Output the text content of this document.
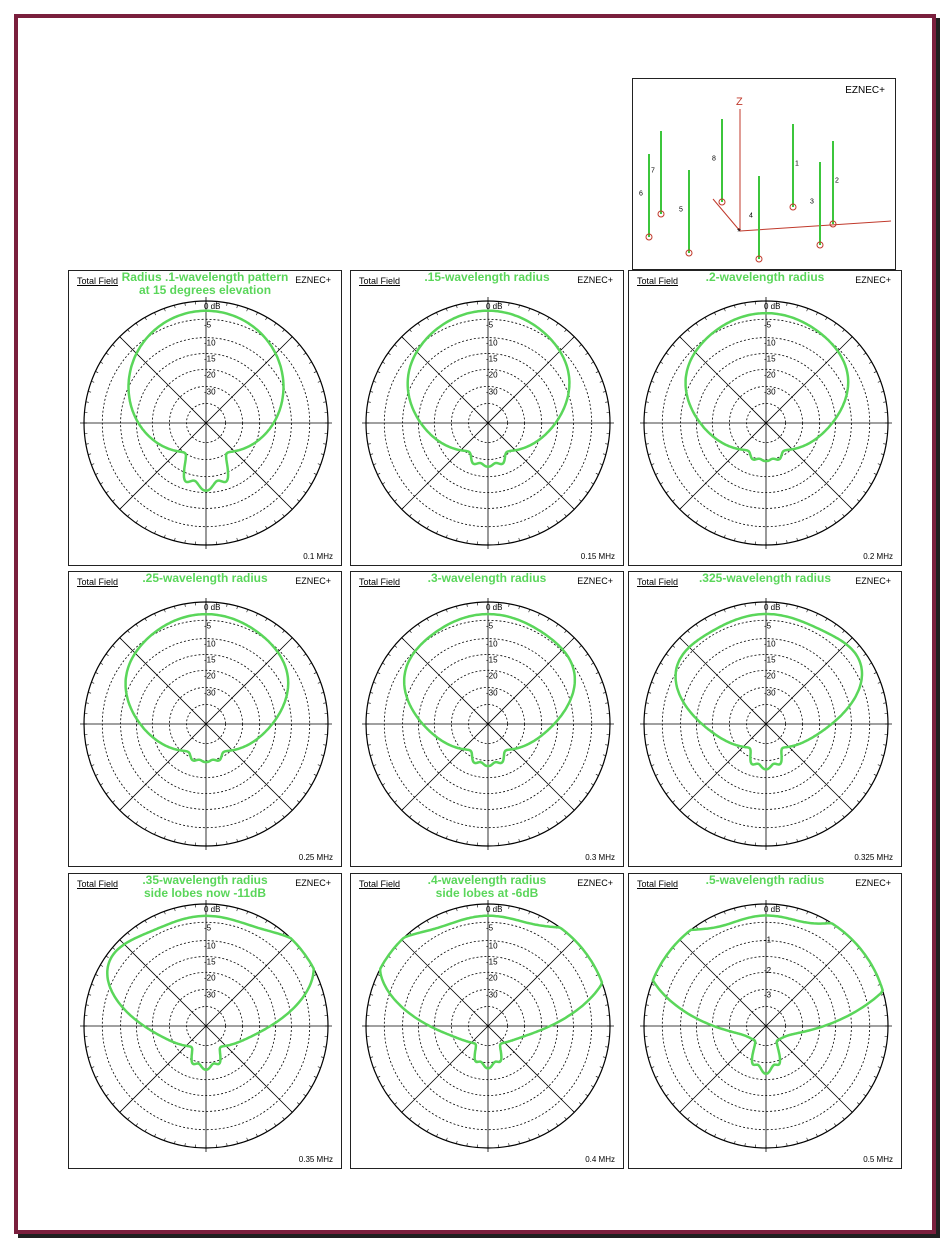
EZNEC+
Z
*
1
2
3
4
5
6
7
8
0 dB
-5
-10
-15
-20
-30
Total Field	EZNEC+
Radius .1-wavelength pattern
at 15 degrees elevation
0.1 MHz
0 dB
-5
-10
-15
-20
-30
Total Field	EZNEC+
.15-wavelength radius
0.15 MHz
0 dB
-5
-10
-15
-20
-30
Total Field	EZNEC+
.2-wavelength radius
0.2 MHz
0 dB
-5
-10
-15
-20
-30
Total Field	EZNEC+
.25-wavelength radius
0.25 MHz
0 dB
-5
-10
-15
-20
-30
Total Field	EZNEC+
.3-wavelength radius
0.3 MHz
0 dB
-5
-10
-15
-20
-30
Total Field	EZNEC+
.325-wavelength radius
0.325 MHz
0 dB
-5
-10
-15
-20
-30
Total Field	EZNEC+
.35-wavelength radius
side lobes now -11dB
0.35 MHz
0 dB
-5
-10
-15
-20
-30
Total Field	EZNEC+
.4-wavelength radius
side lobes at -6dB
0.4 MHz
0 dB
-1
-2
-3
Total Field	EZNEC+
.5-wavelength radius
0.5 MHz
